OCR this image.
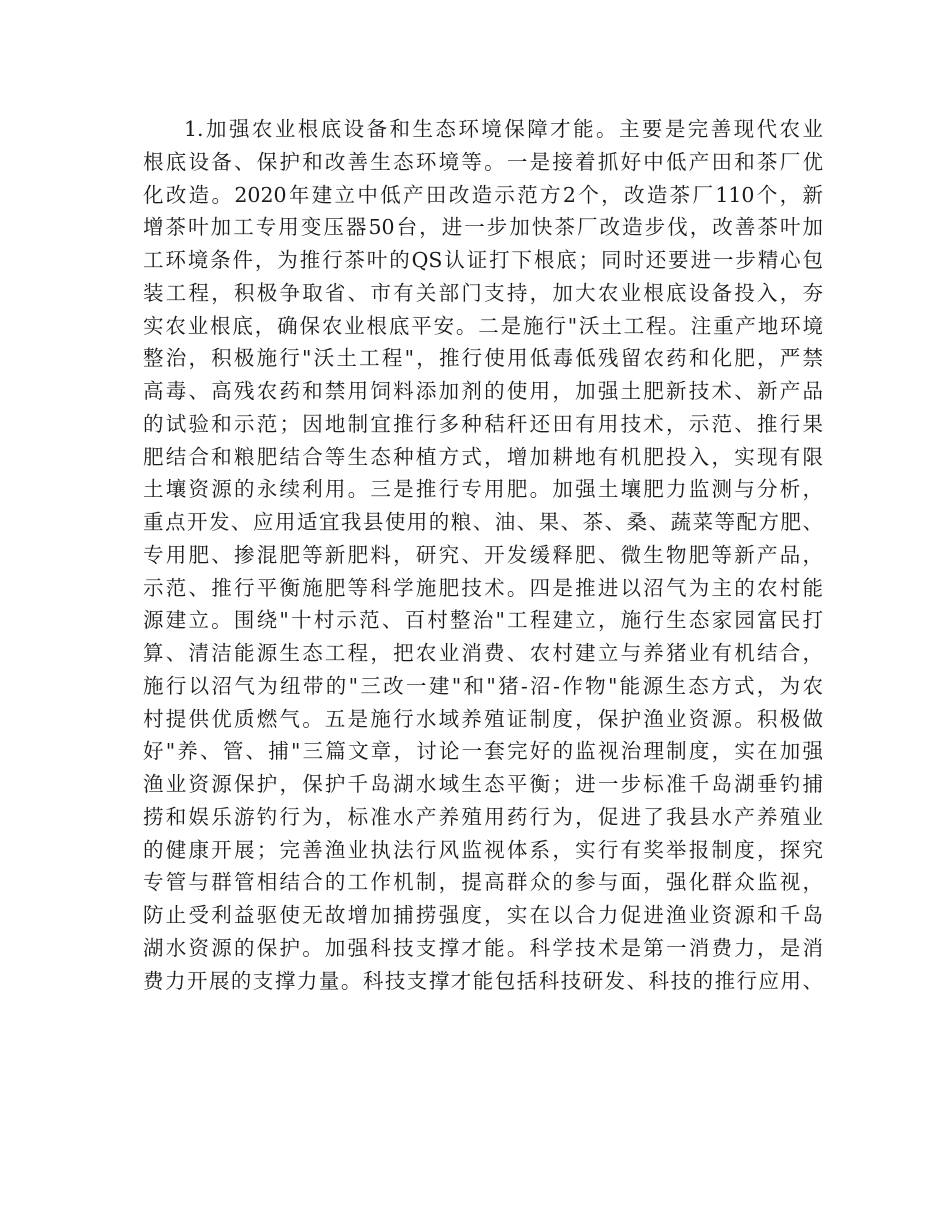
1.加强农业根底设备和生态环境保障才能。主要是完善现代农业
根底设备、保护和改善生态环境等。一是接着抓好中低产田和茶厂优
化改造。2020年建立中低产田改造示范方2个，改造茶厂110个，新
增茶叶加工专用变压器50台，进一步加快茶厂改造步伐，改善茶叶加
工环境条件，为推行茶叶的QS认证打下根底；同时还要进一步精心包
装工程，积极争取省、市有关部门支持，加大农业根底设备投入，夯
实农业根底，确保农业根底平安。二是施行"沃土工程。注重产地环境
整治，积极施行"沃土工程"，推行使用低毒低残留农药和化肥，严禁
高毒、高残农药和禁用饲料添加剂的使用，加强土肥新技术、新产品
的试验和示范；因地制宜推行多种秸秆还田有用技术，示范、推行果
肥结合和粮肥结合等生态种植方式，增加耕地有机肥投入，实现有限
土壤资源的永续利用。三是推行专用肥。加强土壤肥力监测与分析，
重点开发、应用适宜我县使用的粮、油、果、茶、桑、蔬菜等配方肥、
专用肥、掺混肥等新肥料，研究、开发缓释肥、微生物肥等新产品，
示范、推行平衡施肥等科学施肥技术。四是推进以沼气为主的农村能
源建立。围绕"十村示范、百村整治"工程建立，施行生态家园富民打
算、清洁能源生态工程，把农业消费、农村建立与养猪业有机结合，
施行以沼气为纽带的"三改一建"和"猪-沼-作物"能源生态方式，为农
村提供优质燃气。五是施行水域养殖证制度，保护渔业资源。积极做
好"养、管、捕"三篇文章，讨论一套完好的监视治理制度，实在加强
渔业资源保护，保护千岛湖水域生态平衡；进一步标准千岛湖垂钓捕
捞和娱乐游钓行为，标准水产养殖用药行为，促进了我县水产养殖业
的健康开展；完善渔业执法行风监视体系，实行有奖举报制度，探究
专管与群管相结合的工作机制，提高群众的参与面，强化群众监视，
防止受利益驱使无故增加捕捞强度，实在以合力促进渔业资源和千岛
湖水资源的保护。加强科技支撑才能。科学技术是第一消费力，是消
费力开展的支撑力量。科技支撑才能包括科技研发、科技的推行应用、
